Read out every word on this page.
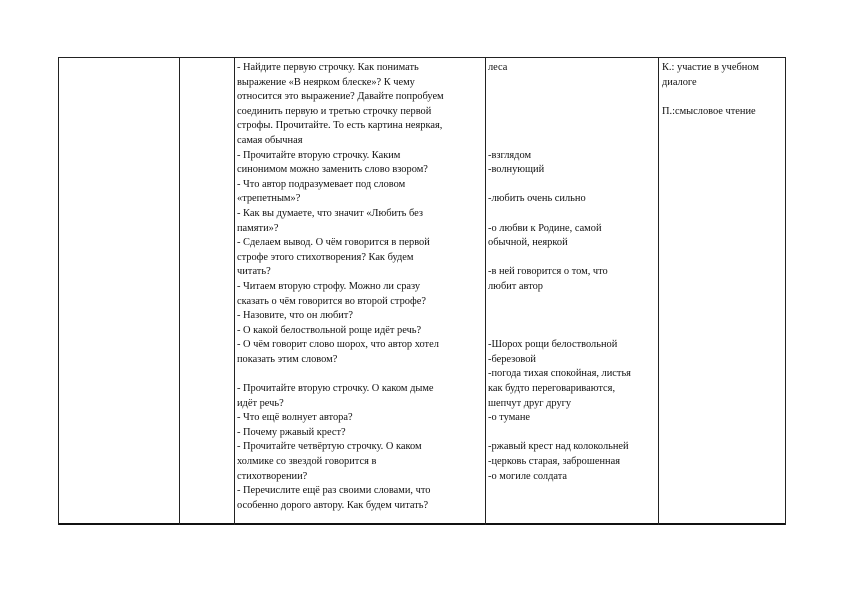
- Найдите первую строчку. Как понимать
выражение «В неярком блеске»? К чему
относится это выражение? Давайте попробуем
соединить первую и третью строчку первой
строфы. Прочитайте. То есть картина неяркая,
самая обычная
- Прочитайте вторую строчку. Каким
синонимом можно заменить слово взором?
- Что автор подразумевает под словом
«трепетным»?
- Как вы думаете, что значит «Любить без
памяти»?
- Сделаем вывод. О чём говорится в первой
строфе этого стихотворения? Как будем
читать?
- Читаем вторую строфу. Можно ли сразу
сказать о чём говорится во второй строфе?
- Назовите, что он любит?
- О какой белоствольной роще идёт речь?
- О чём говорит слово шорох, что автор хотел
показать этим словом?
- Прочитайте вторую строчку. О каком дыме
идёт речь?
- Что ещё волнует автора?
- Почему ржавый крест?
- Прочитайте четвёртую строчку. О каком
холмике со звездой говорится в
стихотворении?
- Перечислите ещё раз своими словами, что
особенно дорого автору. Как будем читать?
леса
-взглядом
-волнующий
-любить очень сильно
-о любви к Родине, самой
обычной, неяркой
-в ней говорится о том, что
любит автор
-Шорох рощи белоствольной
-березовой
-погода тихая спокойная, листья
как будто переговариваются,
шепчут друг другу
-о тумане
-ржавый крест над колокольней
-церковь старая, заброшенная
-о могиле солдата
К.: участие в учебном
диалоге
П.:смысловое чтение
